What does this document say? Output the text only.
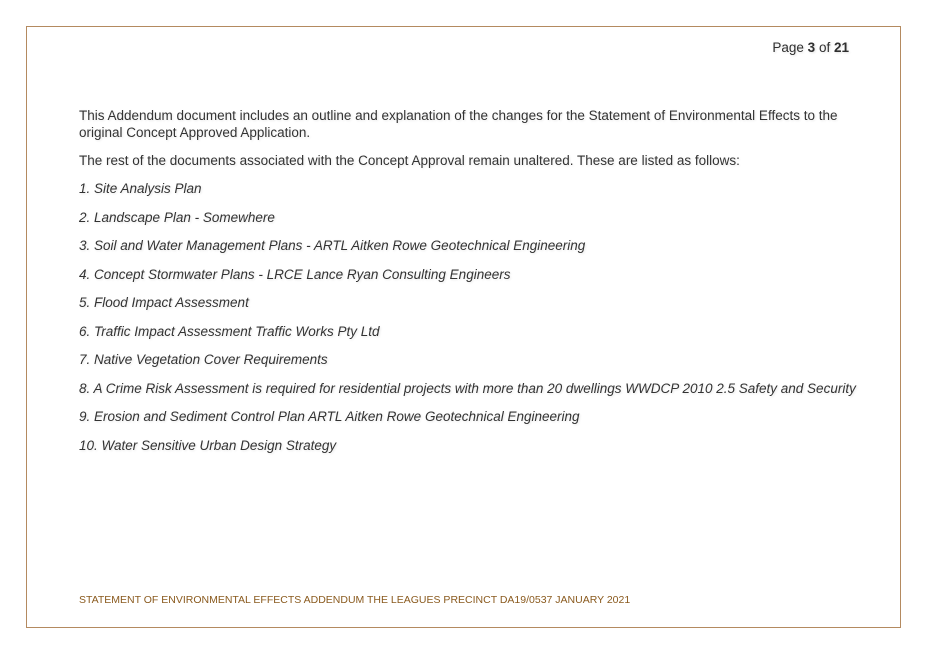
Page 3 of 21

This Addendum document includes an outline and explanation of the changes for the Statement of Environmental Effects to the original Concept Approved Application.

The rest of the documents associated with the Concept Approval remain unaltered. These are listed as follows:

1. Site Analysis Plan
2. Landscape Plan - Somewhere
3. Soil and Water Management Plans - ARTL Aitken Rowe Geotechnical Engineering
4. Concept Stormwater Plans - LRCE Lance Ryan Consulting Engineers
5. Flood Impact Assessment
6. Traffic Impact Assessment Traffic Works Pty Ltd
7. Native Vegetation Cover Requirements
8. A Crime Risk Assessment is required for residential projects with more than 20 dwellings WWDCP 2010 2.5 Safety and Security
9. Erosion and Sediment Control Plan ARTL Aitken Rowe Geotechnical Engineering
10. Water Sensitive Urban Design Strategy
STATEMENT OF ENVIRONMENTAL EFFECTS ADDENDUM THE LEAGUES PRECINCT DA19/0537 JANUARY 2021
